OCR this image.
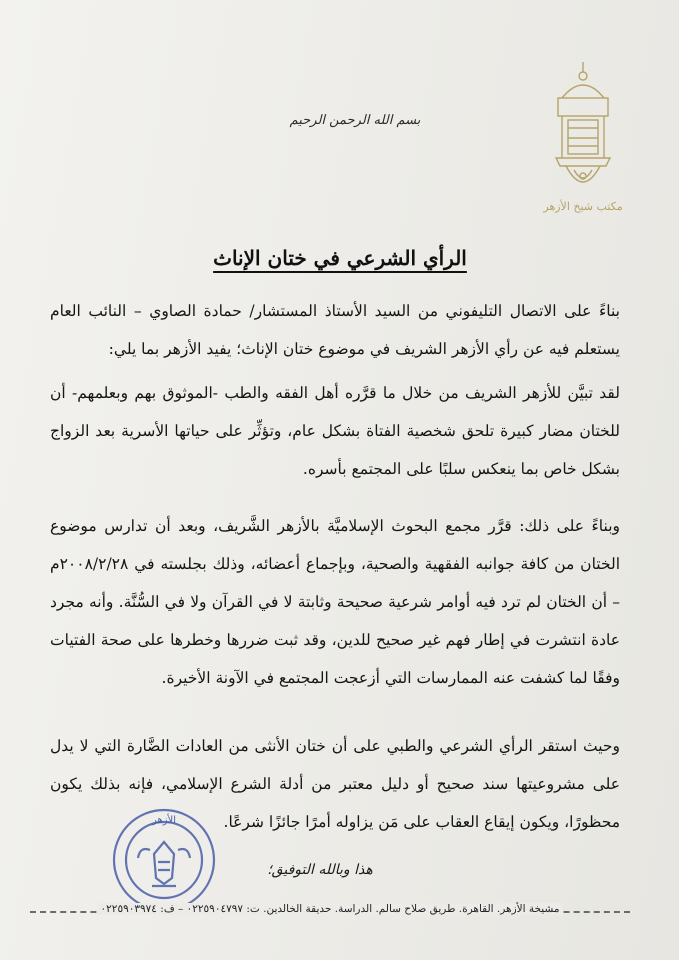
مكتب شيخ الأزهر
بسم الله الرحمن الرحيم
الرأي الشرعي في ختان الإناث

بناءً على الاتصال التليفوني من السيد الأستاذ المستشار/ حمادة الصاوي – النائب العام يستعلم فيه عن رأي الأزهر الشريف في موضوع ختان الإناث؛ يفيد الأزهر بما يلي:

لقد تبيَّن للأزهر الشريف من خلال ما قرَّره أهل الفقه والطب -الموثوق بهم وبعلمهم- أن للختان مضار كبيرة تلحق شخصية الفتاة بشكل عام، وتؤثِّر على حياتها الأسرية بعد الزواج بشكل خاص بما ينعكس سلبًا على المجتمع بأسره.

وبناءً على ذلك: قرَّر مجمع البحوث الإسلاميَّة بالأزهر الشَّريف، وبعد أن تدارس موضوع الختان من كافة جوانبه الفقهية والصحية، وبإجماع أعضائه، وذلك بجلسته في ٢٠٠٨/٢/٢٨م – أن الختان لم ترد فيه أوامر شرعية صحيحة وثابتة لا في القرآن ولا في السُّنَّة. وأنه مجرد عادة انتشرت في إطار فهم غير صحيح للدين، وقد ثبت ضررها وخطرها على صحة الفتيات وفقًا لما كشفت عنه الممارسات التي أزعجت المجتمع في الآونة الأخيرة.

وحيث استقر الرأي الشرعي والطبي على أن ختان الأنثى من العادات الضَّارة التي لا يدل على مشروعيتها سند صحيح أو دليل معتبر من أدلة الشرع الإسلامي، فإنه بذلك يكون محظورًا، ويكون إيقاع العقاب على مَن يزاوله أمرًا جائزًا شرعًا.

هذا وبالله التوفيق؛
الأزهر
مشيخة الأزهر. القاهرة. طريق صلاح سالم. الدراسة. حديقة الخالدين. ت: ٠٢٢٥٩٠٤٧٩٧ – ف: ٠٢٢٥٩٠٣٩٧٤
